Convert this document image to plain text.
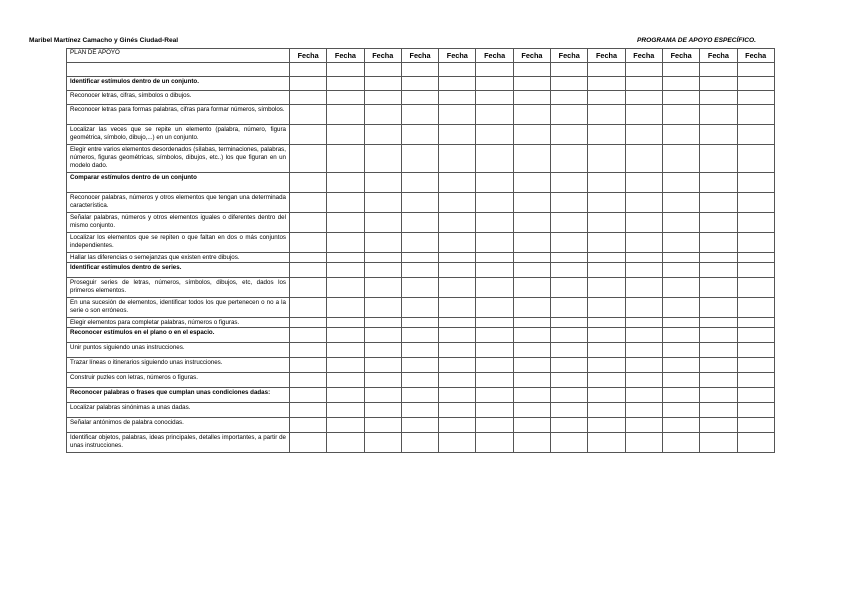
Maribel Martínez Camacho y Ginés Ciudad-Real	PROGRAMA DE APOYO ESPECÍFICO.
PLAN DE APOYO	Fecha	Fecha	Fecha	Fecha	Fecha	Fecha	Fecha	Fecha	Fecha	Fecha	Fecha	Fecha	Fecha

Identificar estímulos dentro de un conjunto.													
Reconocer letras, cifras, símbolos o dibujos.													
Reconocer letras para formas palabras, cifras para formar números, símbolos.													
Localizar las veces que se repite un elemento (palabra, número, figura geométrica, símbolo, dibujo,...) en un conjunto.													
Elegir entre varios elementos desordenados (sílabas, terminaciones, palabras, números, figuras geométricas, símbolos, dibujos, etc..) los que figuran en un modelo dado.													
Comparar estímulos dentro de un conjunto													
Reconocer palabras, números y otros elementos que tengan una determinada característica.													
Señalar palabras, números y otros elementos iguales o diferentes dentro del mismo conjunto.													
Localizar los elementos que se repiten o que faltan en dos o más conjuntos independientes.													
Hallar las diferencias o semejanzas que existen entre dibujos.													
Identificar estímulos dentro de series.													
Proseguir series de letras, números, símbolos, dibujos, etc, dados los primeros elementos.													
En una sucesión de elementos, identificar todos los que pertenecen o no a la serie o son erróneos.													
Elegir elementos para completar palabras, números o figuras.													
Reconocer estímulos en el plano o en el espacio.													
Unir puntos siguiendo unas instrucciones.													
Trazar líneas o itinerarios siguiendo unas instrucciones.													
Construir puzles con letras, números o figuras.													
Reconocer palabras o frases que cumplan unas condiciones dadas:													
Localizar palabras sinónimas a unas dadas.													
Señalar antónimos de palabra conocidas.													
Identificar objetos, palabras, ideas principales, detalles importantes, a partir de unas instrucciones.													
